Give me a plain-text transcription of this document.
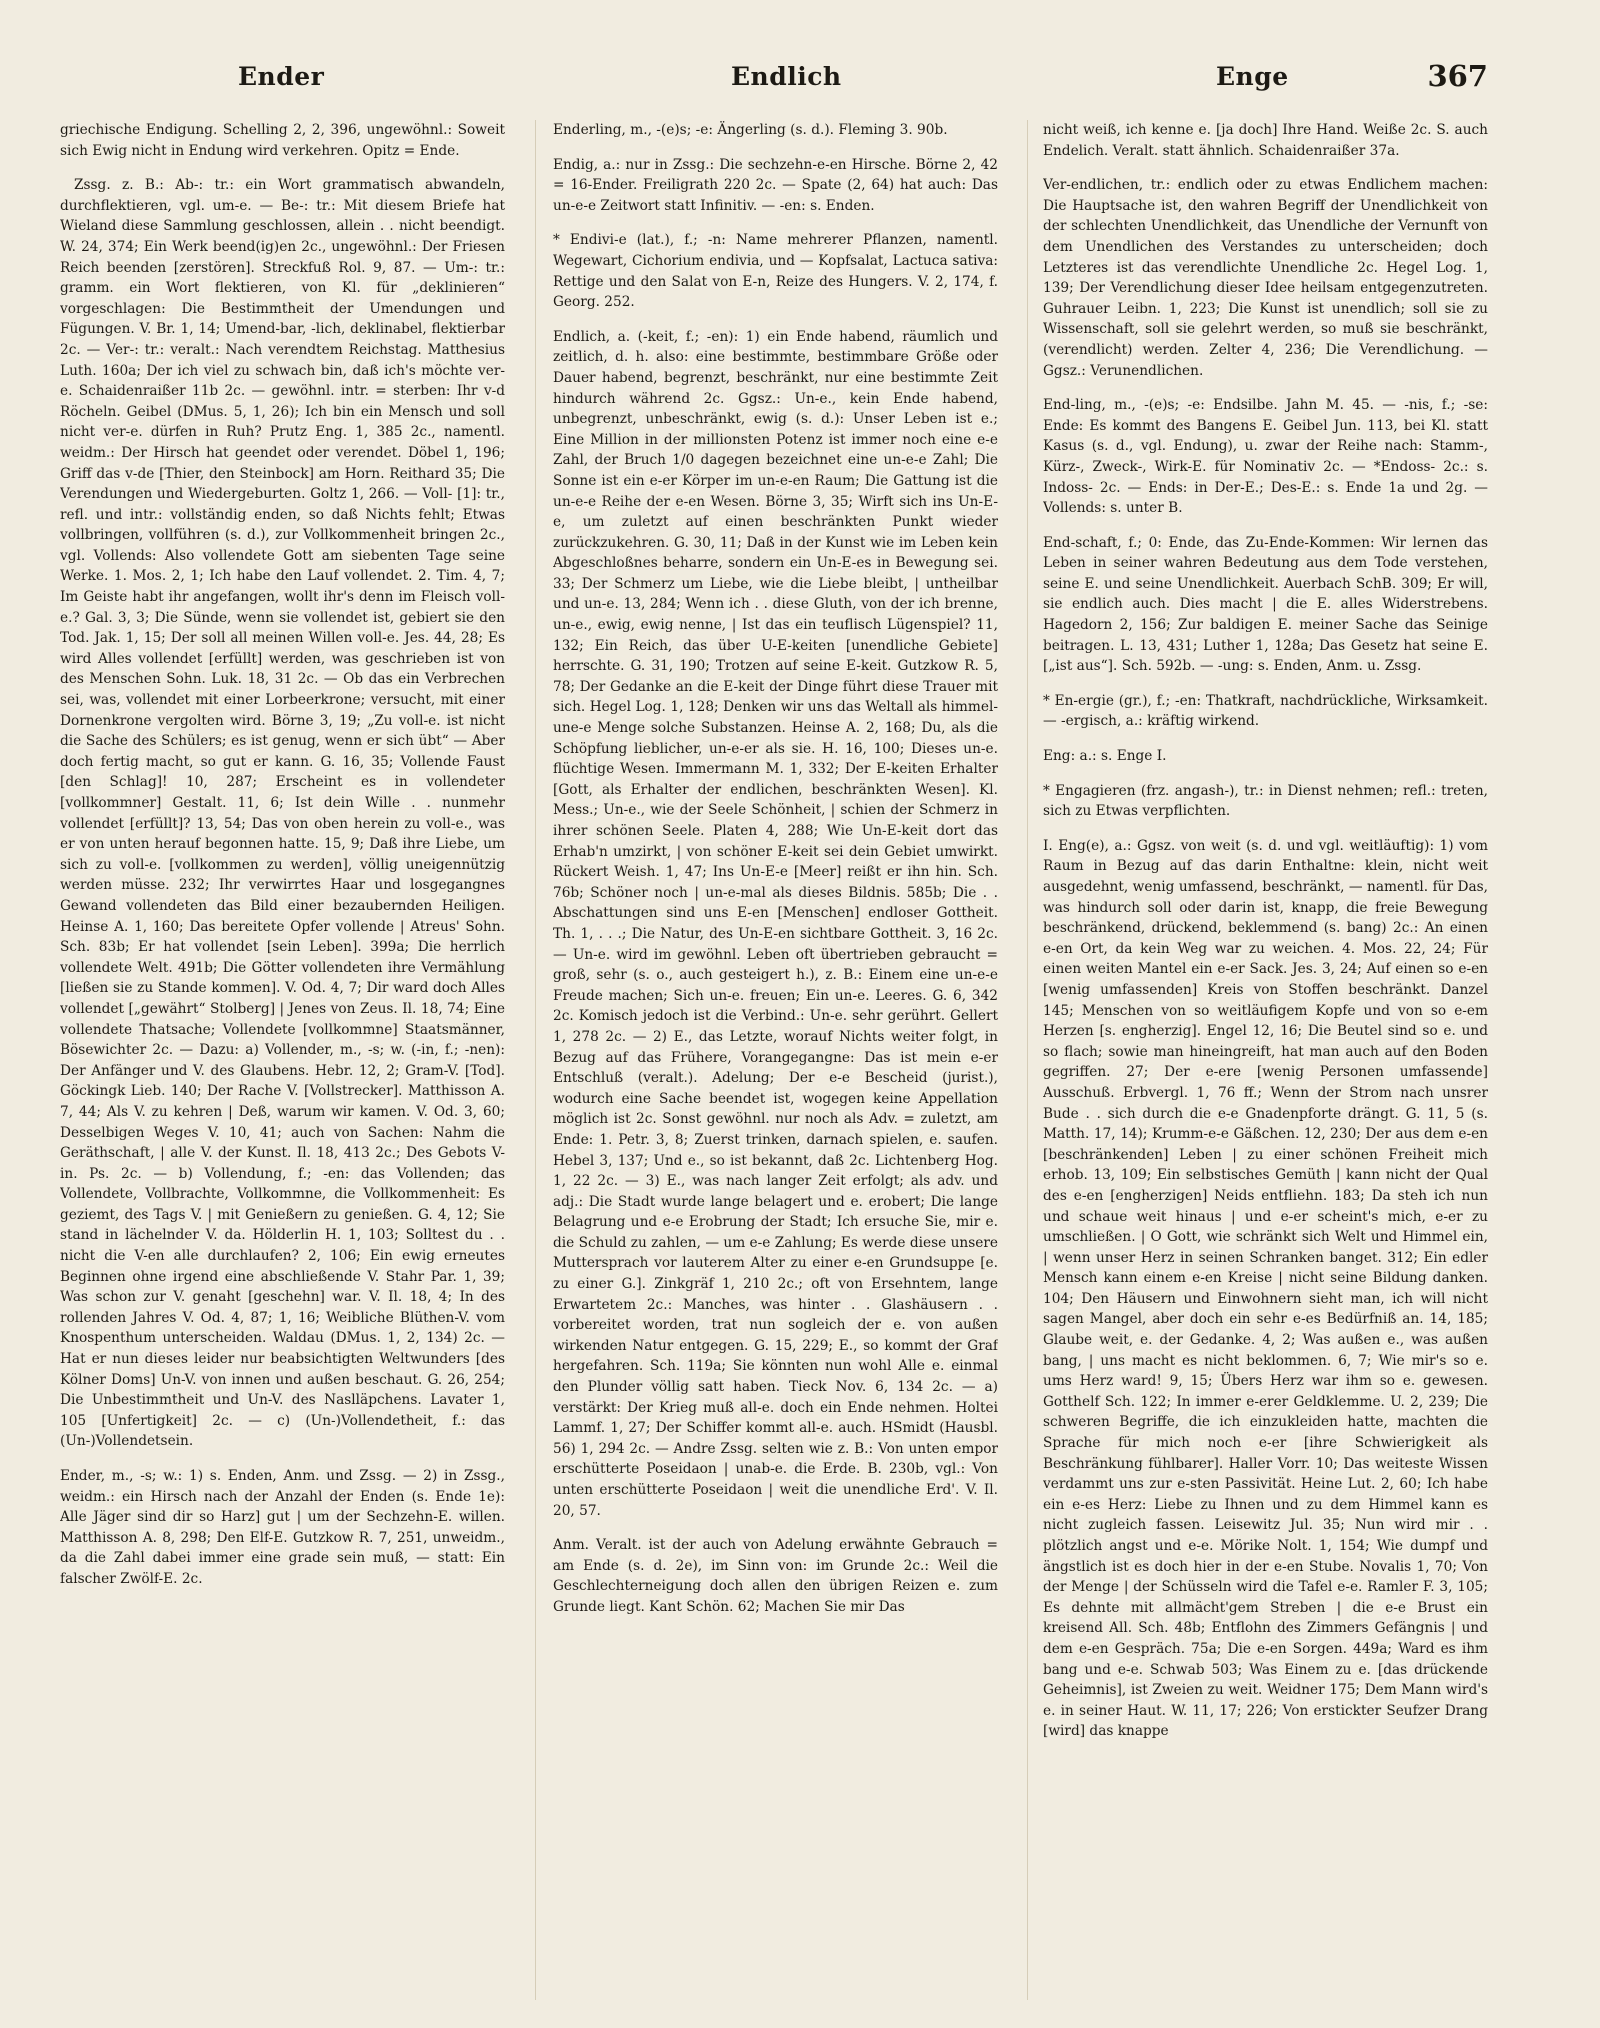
Ender	Endlich	Enge	367

griechische Endigung. Schelling 2, 2, 396, ungewöhnl.: Soweit sich Ewig nicht in Endung wird verkehren. Opitz = Ende.

Zssg. z. B.: Ab-: tr.: ein Wort grammatisch abwandeln, durchflektieren, vgl. um-e. — Be-: tr.: Mit diesem Briefe hat Wieland diese Sammlung geschlossen, allein . . nicht beendigt. W. 24, 374; Ein Werk beend(ig)en 2c., ungewöhnl.: Der Friesen Reich beenden [zerstören]. Streckfuß Rol. 9, 87. — Um-: tr.: gramm. ein Wort flektieren, von Kl. für „deklinieren“ vorgeschlagen: Die Bestimmtheit der Umendungen und Fügungen. V. Br. 1, 14; Umend-bar, -lich, deklinabel, flektierbar 2c. — Ver-: tr.: veralt.: Nach verendtem Reichstag. Matthesius Luth. 160a; Der ich viel zu schwach bin, daß ich's möchte ver-e. Schaidenraißer 11b 2c. — gewöhnl. intr. = sterben: Ihr v-d Röcheln. Geibel (DMus. 5, 1, 26); Ich bin ein Mensch und soll nicht ver-e. dürfen in Ruh? Prutz Eng. 1, 385 2c., namentl. weidm.: Der Hirsch hat geendet oder verendet. Döbel 1, 196; Griff das v-de [Thier, den Steinbock] am Horn. Reithard 35; Die Verendungen und Wiedergeburten. Goltz 1, 266. — Voll- [1]: tr., refl. und intr.: vollständig enden, so daß Nichts fehlt; Etwas vollbringen, vollführen (s. d.), zur Vollkommenheit bringen 2c., vgl. Vollends: Also vollendete Gott am siebenten Tage seine Werke. 1. Mos. 2, 1; Ich habe den Lauf vollendet. 2. Tim. 4, 7; Im Geiste habt ihr angefangen, wollt ihr's denn im Fleisch voll-e.? Gal. 3, 3; Die Sünde, wenn sie vollendet ist, gebiert sie den Tod. Jak. 1, 15; Der soll all meinen Willen voll-e. Jes. 44, 28; Es wird Alles vollendet [erfüllt] werden, was geschrieben ist von des Menschen Sohn. Luk. 18, 31 2c. — Ob das ein Verbrechen sei, was, vollendet mit einer Lorbeerkrone; versucht, mit einer Dornenkrone vergolten wird. Börne 3, 19; „Zu voll-e. ist nicht die Sache des Schülers; es ist genug, wenn er sich übt“ — Aber doch fertig macht, so gut er kann. G. 16, 35; Vollende Faust [den Schlag]! 10, 287; Erscheint es in vollendeter [vollkommner] Gestalt. 11, 6; Ist dein Wille . . nunmehr vollendet [erfüllt]? 13, 54; Das von oben herein zu voll-e., was er von unten herauf begonnen hatte. 15, 9; Daß ihre Liebe, um sich zu voll-e. [vollkommen zu werden], völlig uneigennützig werden müsse. 232; Ihr verwirrtes Haar und losgegangnes Gewand vollendeten das Bild einer bezaubernden Heiligen. Heinse A. 1, 160; Das bereitete Opfer vollende | Atreus' Sohn. Sch. 83b; Er hat vollendet [sein Leben]. 399a; Die herrlich vollendete Welt. 491b; Die Götter vollendeten ihre Vermählung [ließen sie zu Stande kommen]. V. Od. 4, 7; Dir ward doch Alles vollendet [„gewährt“ Stolberg] | Jenes von Zeus. Il. 18, 74; Eine vollendete Thatsache; Vollendete [vollkommne] Staatsmänner, Bösewichter 2c. — Dazu: a) Vollender, m., -s; w. (-in, f.; -nen): Der Anfänger und V. des Glaubens. Hebr. 12, 2; Gram-V. [Tod]. Göckingk Lieb. 140; Der Rache V. [Vollstrecker]. Matthisson A. 7, 44; Als V. zu kehren | Deß, warum wir kamen. V. Od. 3, 60; Desselbigen Weges V. 10, 41; auch von Sachen: Nahm die Geräthschaft, | alle V. der Kunst. Il. 18, 413 2c.; Des Gebots V-in. Ps. 2c. — b) Vollendung, f.; -en: das Vollenden; das Vollendete, Vollbrachte, Vollkommne, die Vollkommenheit: Es geziemt, des Tags V. | mit Genießern zu genießen. G. 4, 12; Sie stand in lächelnder V. da. Hölderlin H. 1, 103; Solltest du . . nicht die V-en alle durchlaufen? 2, 106; Ein ewig erneutes Beginnen ohne irgend eine abschließende V. Stahr Par. 1, 39; Was schon zur V. genaht [geschehn] war. V. Il. 18, 4; In des rollenden Jahres V. Od. 4, 87; 1, 16; Weibliche Blüthen-V. vom Knospenthum unterscheiden. Waldau (DMus. 1, 2, 134) 2c. — Hat er nun dieses leider nur beabsichtigten Weltwunders [des Kölner Doms] Un-V. von innen und außen beschaut. G. 26, 254; Die Unbestimmtheit und Un-V. des Naslläpchens. Lavater 1, 105 [Unfertigkeit] 2c. — c) (Un-)Vollendetheit, f.: das (Un-)Vollendetsein.

Ender, m., -s; w.: 1) s. Enden, Anm. und Zssg. — 2) in Zssg., weidm.: ein Hirsch nach der Anzahl der Enden (s. Ende 1e): Alle Jäger sind dir so Harz] gut | um der Sechzehn-E. willen. Matthisson A. 8, 298; Den Elf-E. Gutzkow R. 7, 251, unweidm., da die Zahl dabei immer eine grade sein muß, — statt: Ein falscher Zwölf-E. 2c.

Enderling, m., -(e)s; -e: Ängerling (s. d.). Fleming 3. 90b.

Endig, a.: nur in Zssg.: Die sechzehn-e-en Hirsche. Börne 2, 42 = 16-Ender. Freiligrath 220 2c. — Spate (2, 64) hat auch: Das un-e-e Zeitwort statt Infinitiv. — -en: s. Enden.

* Endivi-e (lat.), f.; -n: Name mehrerer Pflanzen, namentl. Wegewart, Cichorium endivia, und — Kopfsalat, Lactuca sativa: Rettige und den Salat von E-n, Reize des Hungers. V. 2, 174, f. Georg. 252.

Endlich, a. (-keit, f.; -en): 1) ein Ende habend, räumlich und zeitlich, d. h. also: eine bestimmte, bestimmbare Größe oder Dauer habend, begrenzt, beschränkt, nur eine bestimmte Zeit hindurch während 2c. Ggsz.: Un-e., kein Ende habend, unbegrenzt, unbeschränkt, ewig (s. d.): Unser Leben ist e.; Eine Million in der millionsten Potenz ist immer noch eine e-e Zahl, der Bruch 1/0 dagegen bezeichnet eine un-e-e Zahl; Die Sonne ist ein e-er Körper im un-e-en Raum; Die Gattung ist die un-e-e Reihe der e-en Wesen. Börne 3, 35; Wirft sich ins Un-E-e, um zuletzt auf einen beschränkten Punkt wieder zurückzukehren. G. 30, 11; Daß in der Kunst wie im Leben kein Abgeschloßnes beharre, sondern ein Un-E-es in Bewegung sei. 33; Der Schmerz um Liebe, wie die Liebe bleibt, | untheilbar und un-e. 13, 284; Wenn ich . . diese Gluth, von der ich brenne, un-e., ewig, ewig nenne, | Ist das ein teuflisch Lügenspiel? 11, 132; Ein Reich, das über U-E-keiten [unendliche Gebiete] herrschte. G. 31, 190; Trotzen auf seine E-keit. Gutzkow R. 5, 78; Der Gedanke an die E-keit der Dinge führt diese Trauer mit sich. Hegel Log. 1, 128; Denken wir uns das Weltall als himmel-une-e Menge solche Substanzen. Heinse A. 2, 168; Du, als die Schöpfung lieblicher, un-e-er als sie. H. 16, 100; Dieses un-e. flüchtige Wesen. Immermann M. 1, 332; Der E-keiten Erhalter [Gott, als Erhalter der endlichen, beschränkten Wesen]. Kl. Mess.; Un-e., wie der Seele Schönheit, | schien der Schmerz in ihrer schönen Seele. Platen 4, 288; Wie Un-E-keit dort das Erhab'n umzirkt, | von schöner E-keit sei dein Gebiet umwirkt. Rückert Weish. 1, 47; Ins Un-E-e [Meer] reißt er ihn hin. Sch. 76b; Schöner noch | un-e-mal als dieses Bildnis. 585b; Die . . Abschattungen sind uns E-en [Menschen] endloser Gottheit. Th. 1, . . .; Die Natur, des Un-E-en sichtbare Gottheit. 3, 16 2c. — Un-e. wird im gewöhnl. Leben oft übertrieben gebraucht = groß, sehr (s. o., auch gesteigert h.), z. B.: Einem eine un-e-e Freude machen; Sich un-e. freuen; Ein un-e. Leeres. G. 6, 342 2c. Komisch jedoch ist die Verbind.: Un-e. sehr gerührt. Gellert 1, 278 2c. — 2) E., das Letzte, worauf Nichts weiter folgt, in Bezug auf das Frühere, Vorangegangne: Das ist mein e-er Entschluß (veralt.). Adelung; Der e-e Bescheid (jurist.), wodurch eine Sache beendet ist, wogegen keine Appellation möglich ist 2c. Sonst gewöhnl. nur noch als Adv. = zuletzt, am Ende: 1. Petr. 3, 8; Zuerst trinken, darnach spielen, e. saufen. Hebel 3, 137; Und e., so ist bekannt, daß 2c. Lichtenberg Hog. 1, 22 2c. — 3) E., was nach langer Zeit erfolgt; als adv. und adj.: Die Stadt wurde lange belagert und e. erobert; Die lange Belagrung und e-e Erobrung der Stadt; Ich ersuche Sie, mir e. die Schuld zu zahlen, — um e-e Zahlung; Es werde diese unsere Muttersprach vor lauterem Alter zu einer e-en Grundsuppe [e. zu einer G.]. Zinkgräf 1, 210 2c.; oft von Ersehntem, lange Erwartetem 2c.: Manches, was hinter . . Glashäusern . . vorbereitet worden, trat nun sogleich der e. von außen wirkenden Natur entgegen. G. 15, 229; E., so kommt der Graf hergefahren. Sch. 119a; Sie könnten nun wohl Alle e. einmal den Plunder völlig satt haben. Tieck Nov. 6, 134 2c. — a) verstärkt: Der Krieg muß all-e. doch ein Ende nehmen. Holtei Lammf. 1, 27; Der Schiffer kommt all-e. auch. HSmidt (Hausbl. 56) 1, 294 2c. — Andre Zssg. selten wie z. B.: Von unten empor erschütterte Poseidaon | unab-e. die Erde. B. 230b, vgl.: Von unten erschütterte Poseidaon | weit die unendliche Erd'. V. Il. 20, 57.

Anm. Veralt. ist der auch von Adelung erwähnte Gebrauch = am Ende (s. d. 2e), im Sinn von: im Grunde 2c.: Weil die Geschlechterneigung doch allen den übrigen Reizen e. zum Grunde liegt. Kant Schön. 62; Machen Sie mir Das

nicht weiß, ich kenne e. [ja doch] Ihre Hand. Weiße 2c. S. auch Endelich. Veralt. statt ähnlich. Schaidenraißer 37a.

Ver-endlichen, tr.: endlich oder zu etwas Endlichem machen: Die Hauptsache ist, den wahren Begriff der Unendlichkeit von der schlechten Unendlichkeit, das Unendliche der Vernunft von dem Unendlichen des Verstandes zu unterscheiden; doch Letzteres ist das verendlichte Unendliche 2c. Hegel Log. 1, 139; Der Verendlichung dieser Idee heilsam entgegenzutreten. Guhrauer Leibn. 1, 223; Die Kunst ist unendlich; soll sie zu Wissenschaft, soll sie gelehrt werden, so muß sie beschränkt, (verendlicht) werden. Zelter 4, 236; Die Verendlichung. — Ggsz.: Verunendlichen.

End-ling, m., -(e)s; -e: Endsilbe. Jahn M. 45. — -nis, f.; -se: Ende: Es kommt des Bangens E. Geibel Jun. 113, bei Kl. statt Kasus (s. d., vgl. Endung), u. zwar der Reihe nach: Stamm-, Kürz-, Zweck-, Wirk-E. für Nominativ 2c. — *Endoss- 2c.: s. Indoss- 2c. — Ends: in Der-E.; Des-E.: s. Ende 1a und 2g. — Vollends: s. unter B.

End-schaft, f.; 0: Ende, das Zu-Ende-Kommen: Wir lernen das Leben in seiner wahren Bedeutung aus dem Tode verstehen, seine E. und seine Unendlichkeit. Auerbach SchB. 309; Er will, sie endlich auch. Dies macht | die E. alles Widerstrebens. Hagedorn 2, 156; Zur baldigen E. meiner Sache das Seinige beitragen. L. 13, 431; Luther 1, 128a; Das Gesetz hat seine E. [„ist aus“]. Sch. 592b. — -ung: s. Enden, Anm. u. Zssg.

* En-ergie (gr.), f.; -en: Thatkraft, nachdrückliche, Wirksamkeit. — -ergisch, a.: kräftig wirkend.

Eng: a.: s. Enge I.

* Engagieren (frz. angash-), tr.: in Dienst nehmen; refl.: treten, sich zu Etwas verpflichten.

I. Eng(e), a.: Ggsz. von weit (s. d. und vgl. weitläuftig): 1) vom Raum in Bezug auf das darin Enthaltne: klein, nicht weit ausgedehnt, wenig umfassend, beschränkt, — namentl. für Das, was hindurch soll oder darin ist, knapp, die freie Bewegung beschränkend, drückend, beklemmend (s. bang) 2c.: An einen e-en Ort, da kein Weg war zu weichen. 4. Mos. 22, 24; Für einen weiten Mantel ein e-er Sack. Jes. 3, 24; Auf einen so e-en [wenig umfassenden] Kreis von Stoffen beschränkt. Danzel 145; Menschen von so weitläufigem Kopfe und von so e-em Herzen [s. engherzig]. Engel 12, 16; Die Beutel sind so e. und so flach; sowie man hineingreift, hat man auch auf den Boden gegriffen. 27; Der e-ere [wenig Personen umfassende] Ausschuß. Erbvergl. 1, 76 ff.; Wenn der Strom nach unsrer Bude . . sich durch die e-e Gnadenpforte drängt. G. 11, 5 (s. Matth. 17, 14); Krumm-e-e Gäßchen. 12, 230; Der aus dem e-en [beschränkenden] Leben | zu einer schönen Freiheit mich erhob. 13, 109; Ein selbstisches Gemüth | kann nicht der Qual des e-en [engherzigen] Neids entfliehn. 183; Da steh ich nun und schaue weit hinaus | und e-er scheint's mich, e-er zu umschließen. | O Gott, wie schränkt sich Welt und Himmel ein, | wenn unser Herz in seinen Schranken banget. 312; Ein edler Mensch kann einem e-en Kreise | nicht seine Bildung danken. 104; Den Häusern und Einwohnern sieht man, ich will nicht sagen Mangel, aber doch ein sehr e-es Bedürfniß an. 14, 185; Glaube weit, e. der Gedanke. 4, 2; Was außen e., was außen bang, | uns macht es nicht beklommen. 6, 7; Wie mir's so e. ums Herz ward! 9, 15; Übers Herz war ihm so e. gewesen. Gotthelf Sch. 122; In immer e-erer Geldklemme. U. 2, 239; Die schweren Begriffe, die ich einzukleiden hatte, machten die Sprache für mich noch e-er [ihre Schwierigkeit als Beschränkung fühlbarer]. Haller Vorr. 10; Das weiteste Wissen verdammt uns zur e-sten Passivität. Heine Lut. 2, 60; Ich habe ein e-es Herz: Liebe zu Ihnen und zu dem Himmel kann es nicht zugleich fassen. Leisewitz Jul. 35; Nun wird mir . . plötzlich angst und e-e. Mörike Nolt. 1, 154; Wie dumpf und ängstlich ist es doch hier in der e-en Stube. Novalis 1, 70; Von der Menge | der Schüsseln wird die Tafel e-e. Ramler F. 3, 105; Es dehnte mit allmächt'gem Streben | die e-e Brust ein kreisend All. Sch. 48b; Entflohn des Zimmers Gefängnis | und dem e-en Gespräch. 75a; Die e-en Sorgen. 449a; Ward es ihm bang und e-e. Schwab 503; Was Einem zu e. [das drückende Geheimnis], ist Zweien zu weit. Weidner 175; Dem Mann wird's e. in seiner Haut. W. 11, 17; 226; Von erstickter Seufzer Drang [wird] das knappe
